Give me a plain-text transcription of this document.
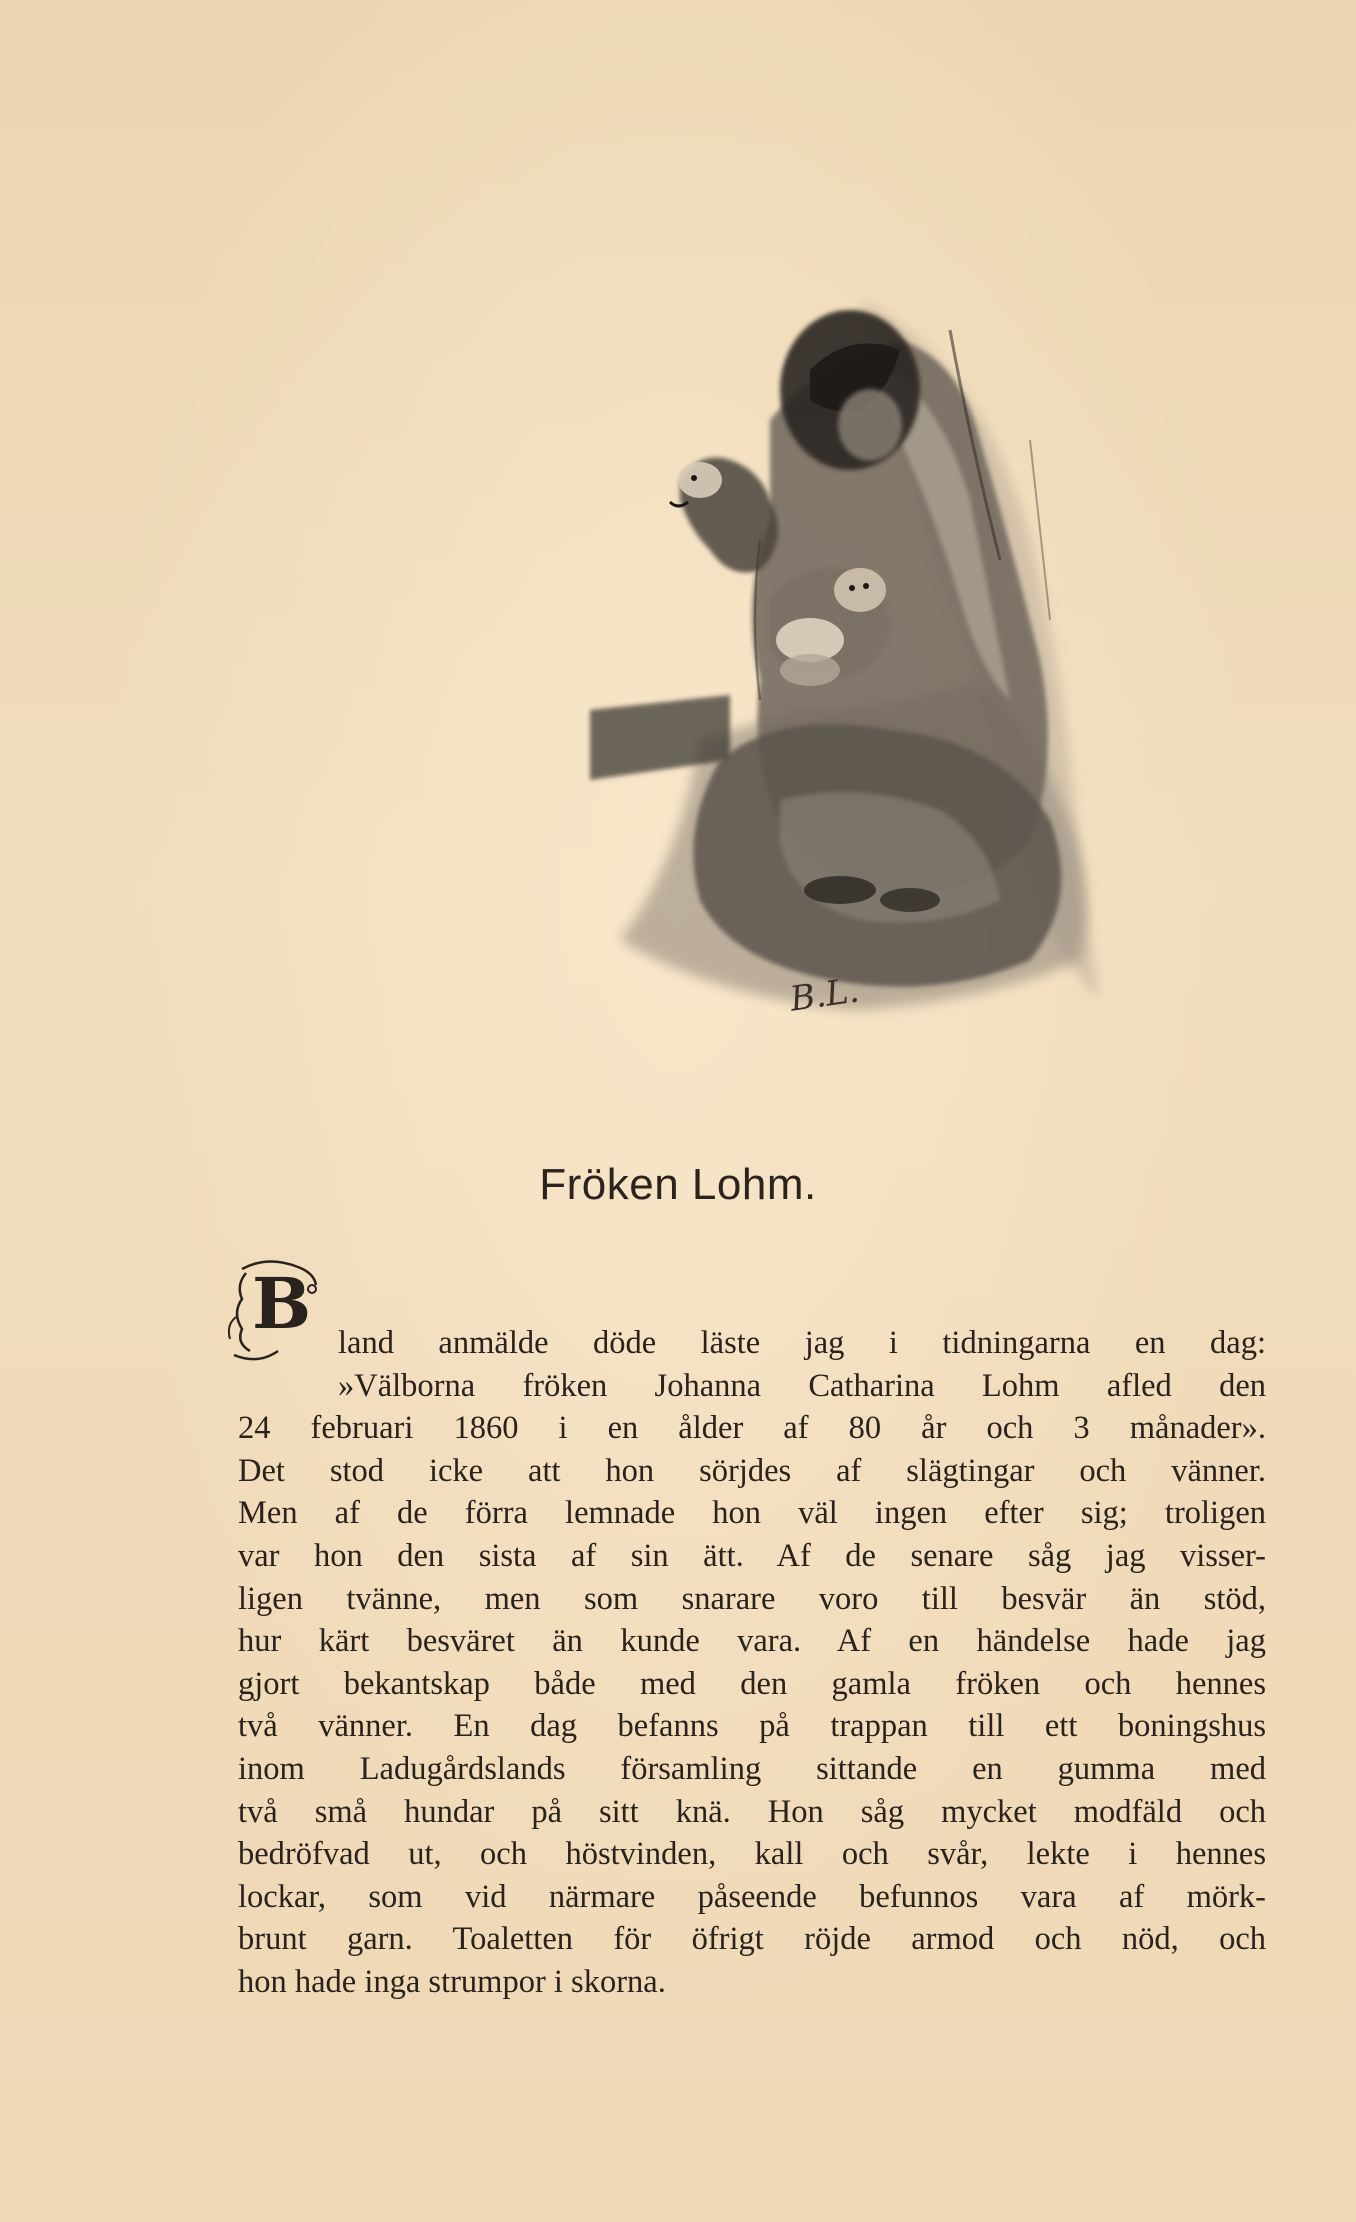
B.L.
Fröken Lohm.
B land anmälde döde läste jag i tidningarna en dag:
»Välborna fröken Johanna Catharina Lohm afled den
24 februari 1860 i en ålder af 80 år och 3 månader».
Det stod icke att hon sörjdes af slägtingar och vänner.
Men af de förra lemnade hon väl ingen efter sig; troligen
var hon den sista af sin ätt. Af de senare såg jag visser-
ligen tvänne, men som snarare voro till besvär än stöd,
hur kärt besväret än kunde vara. Af en händelse hade jag
gjort bekantskap både med den gamla fröken och hennes
två vänner. En dag befanns på trappan till ett boningshus
inom Ladugårdslands församling sittande en gumma med
två små hundar på sitt knä. Hon såg mycket modfäld och
bedröfvad ut, och höstvinden, kall och svår, lekte i hennes
lockar, som vid närmare påseende befunnos vara af mörk-
brunt garn. Toaletten för öfrigt röjde armod och nöd, och
hon hade inga strumpor i skorna.
